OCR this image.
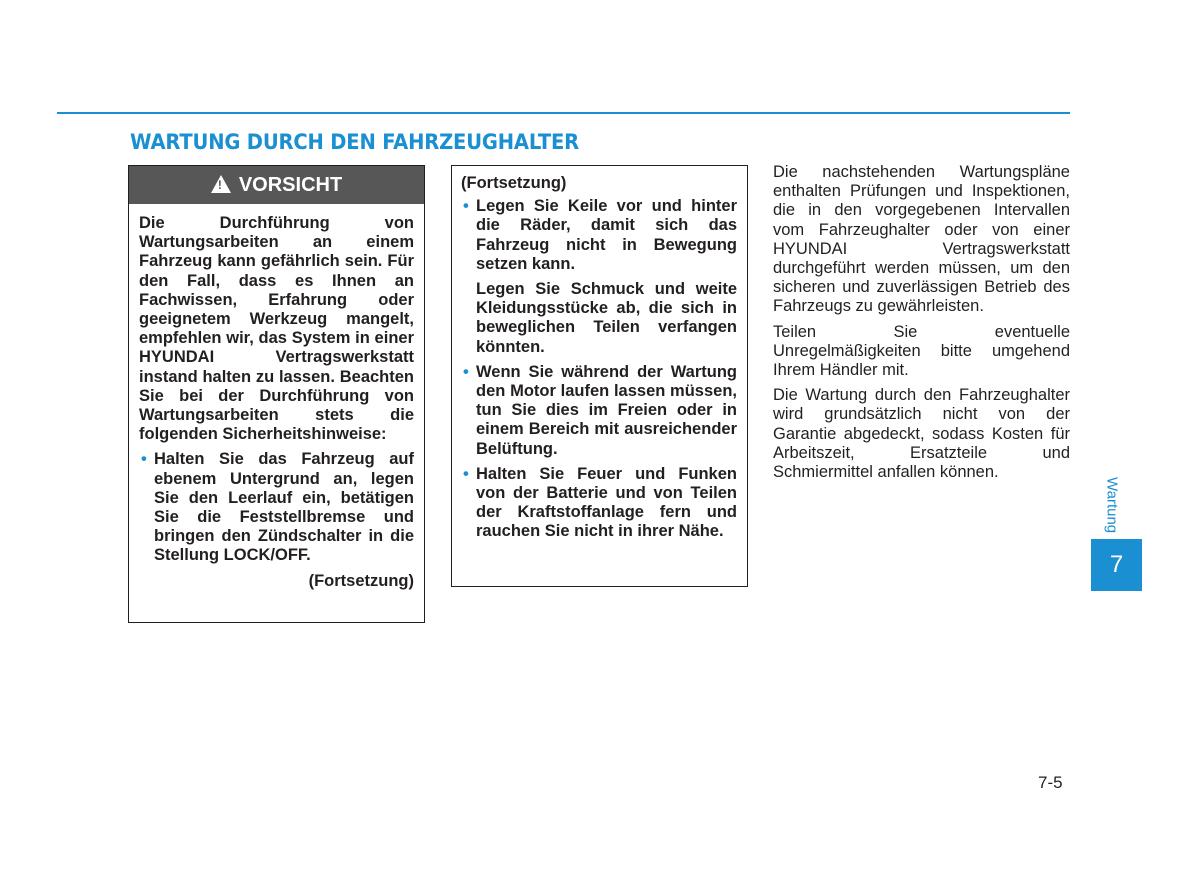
WARTUNG DURCH DEN FAHRZEUGHALTER
!
VORSICHT

Die Durchführung von Wartungsarbeiten an einem Fahrzeug kann gefährlich sein. Für den Fall, dass es Ihnen an Fachwissen, Erfahrung oder geeignetem Werkzeug mangelt, empfehlen wir, das System in einer HYUNDAI Vertragswerkstatt instand halten zu lassen. Beachten Sie bei der Durchführung von Wartungsarbeiten stets die folgenden Sicherheitshinweise:

• Halten Sie das Fahrzeug auf ebenem Untergrund an, legen Sie den Leerlauf ein, betätigen Sie die Feststellbremse und bringen den Zündschalter in die Stellung LOCK/OFF.

(Fortsetzung)

(Fortsetzung)

• Legen Sie Keile vor und hinter die Räder, damit sich das Fahrzeug nicht in Bewegung setzen kann.
Legen Sie Schmuck und weite Kleidungsstücke ab, die sich in beweglichen Teilen verfangen könnten.
• Wenn Sie während der Wartung den Motor laufen lassen müssen, tun Sie dies im Freien oder in einem Bereich mit ausreichender Belüftung.
• Halten Sie Feuer und Funken von der Batterie und von Teilen der Kraftstoffanlage fern und rauchen Sie nicht in ihrer Nähe.

Die nachstehenden Wartungspläne enthalten Prüfungen und Inspektionen, die in den vorgegebenen Intervallen vom Fahrzeughalter oder von einer HYUNDAI Vertragswerkstatt durchgeführt werden müssen, um den sicheren und zuverlässigen Betrieb des Fahrzeugs zu gewährleisten.

Teilen Sie eventuelle Unregelmäßigkeiten bitte umgehend Ihrem Händler mit.

Die Wartung durch den Fahrzeughalter wird grundsätzlich nicht von der Garantie abgedeckt, sodass Kosten für Arbeitszeit, Ersatzteile und Schmiermittel anfallen können.

Wartung
7
7-5
